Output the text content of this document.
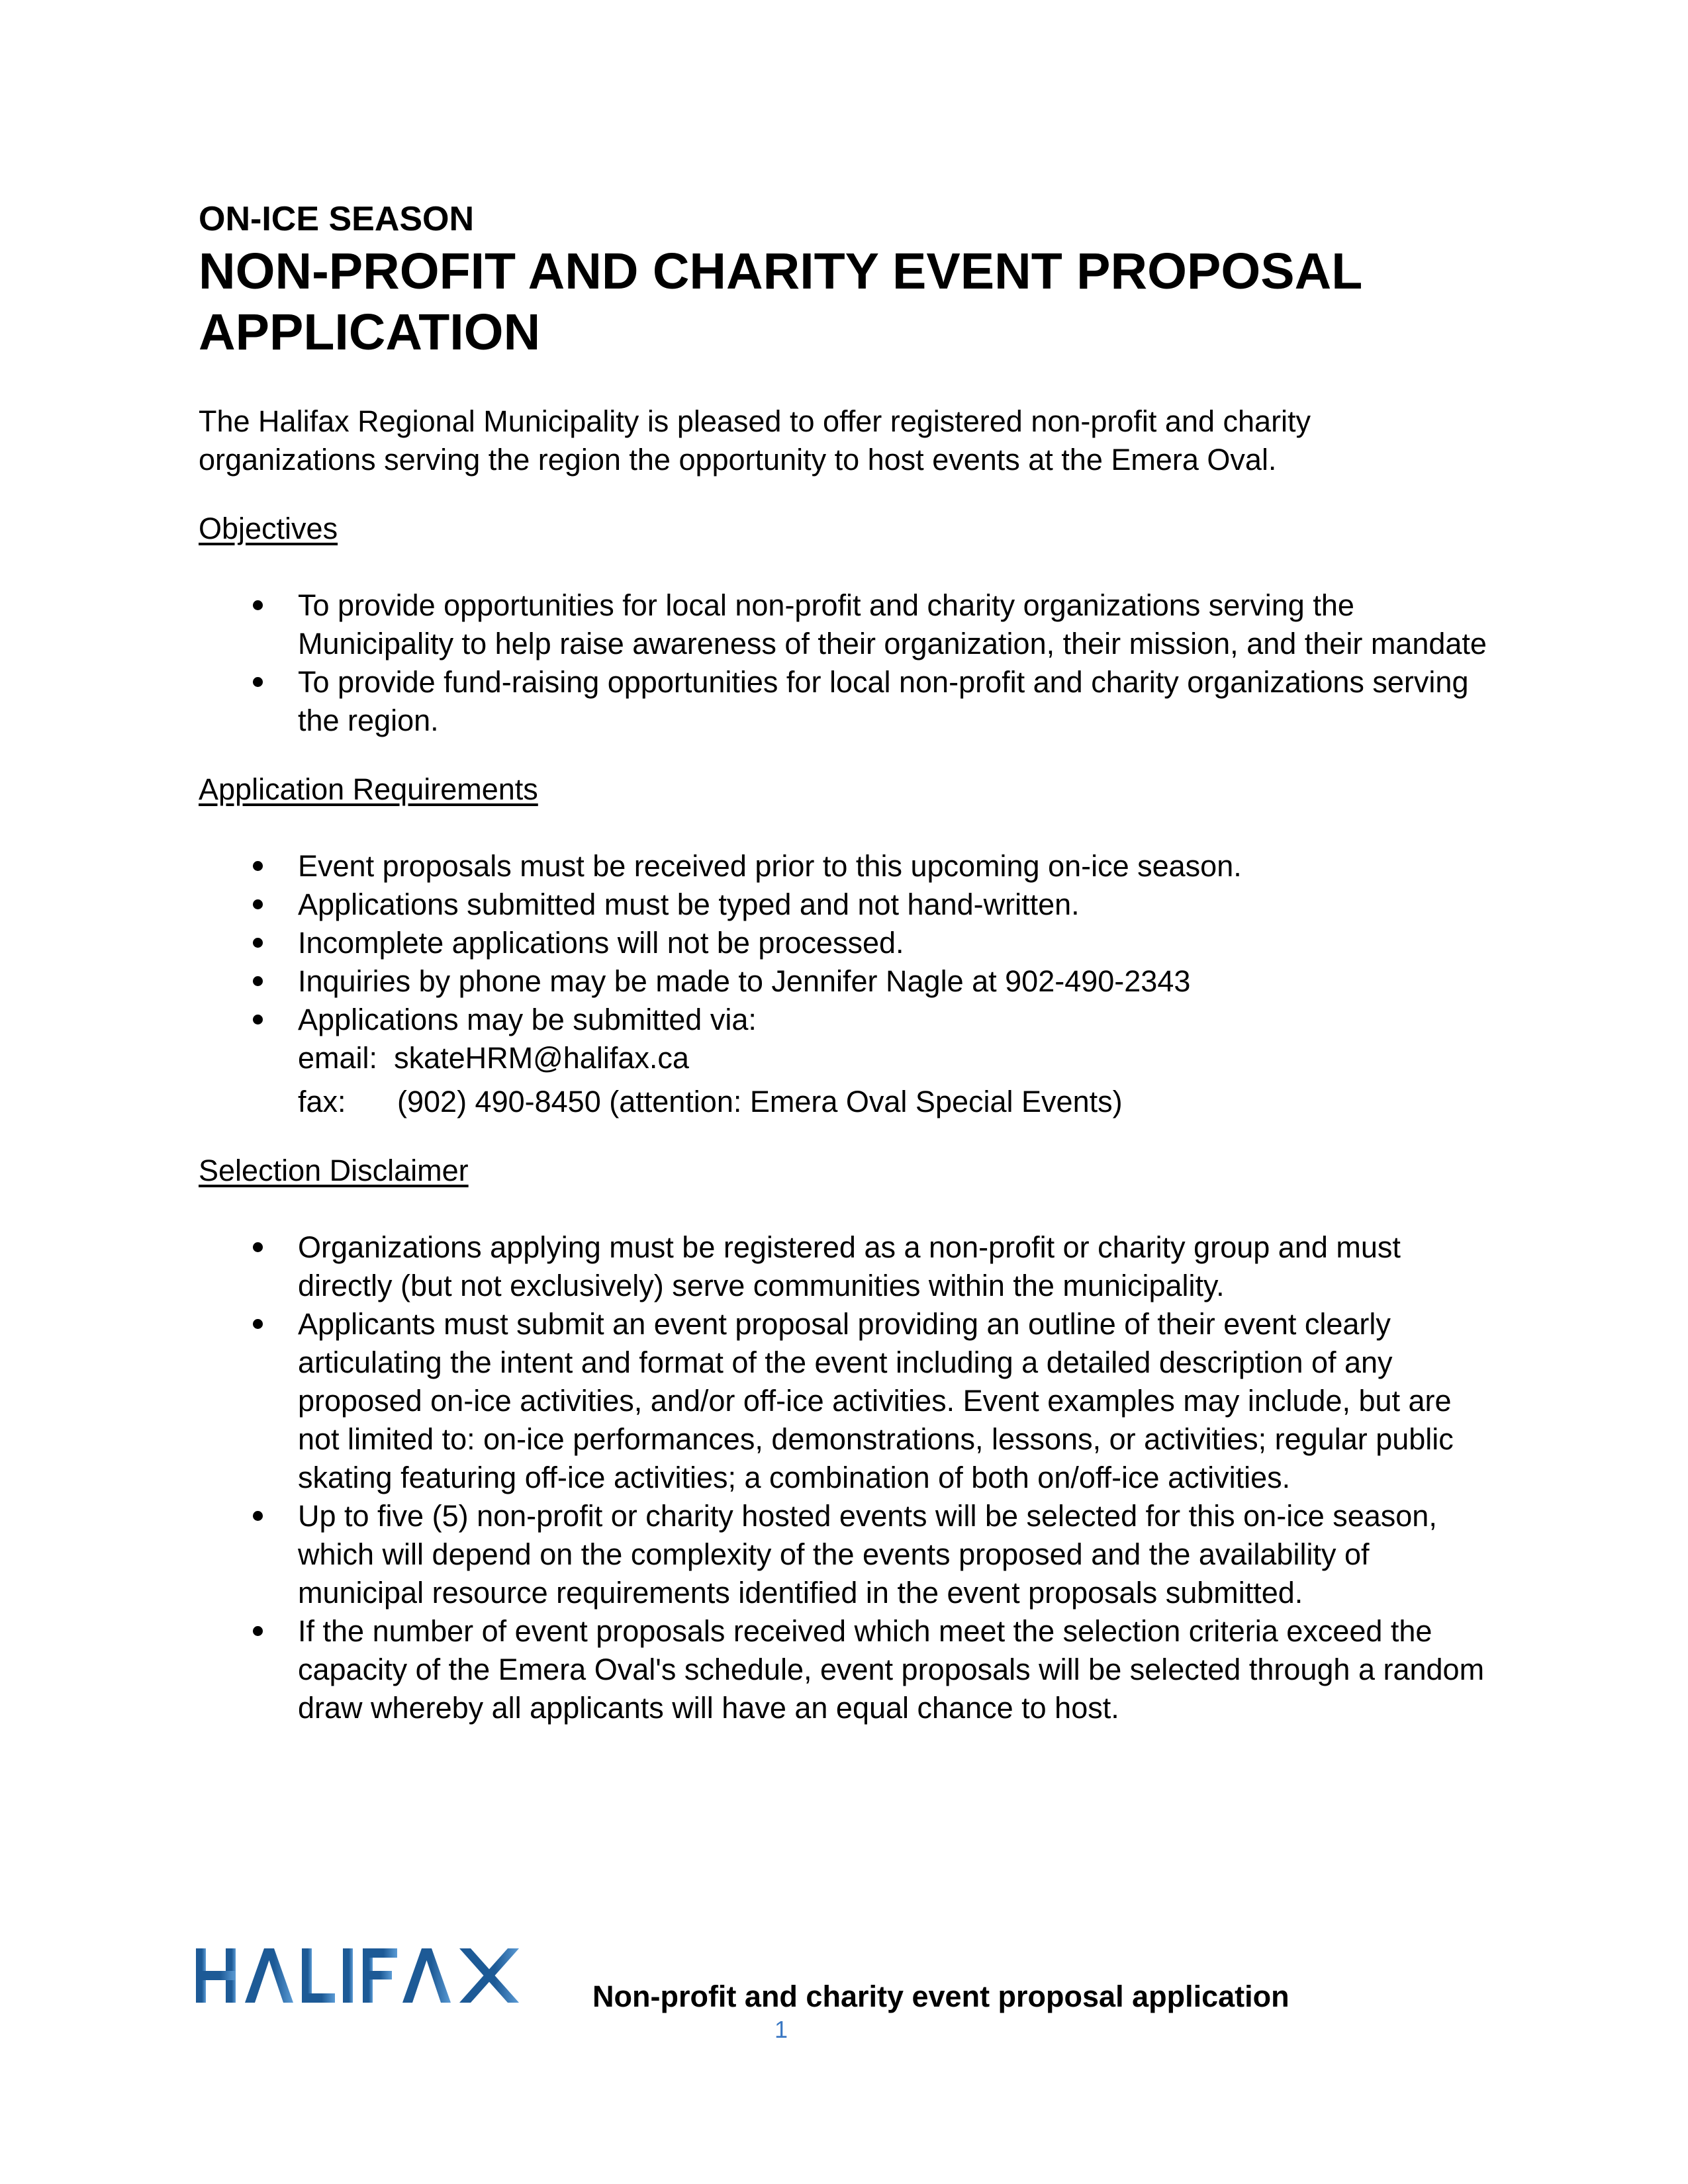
ON-ICE SEASON
NON-PROFIT AND CHARITY EVENT PROPOSAL APPLICATION

The Halifax Regional Municipality is pleased to offer registered non-profit and charity organizations serving the region the opportunity to host events at the Emera Oval.

Objectives
To provide opportunities for local non-profit and charity organizations serving the Municipality to help raise awareness of their organization, their mission, and their mandate
To provide fund-raising opportunities for local non-profit and charity organizations serving the region.
Application Requirements
Event proposals must be received prior to this upcoming on-ice season.
Applications submitted must be typed and not hand-written.
Incomplete applications will not be processed.
Inquiries by phone may be made to Jennifer Nagle at 902-490-2343
Applications may be submitted via:
email: skateHRM@halifax.ca
fax: (902) 490-8450 (attention: Emera Oval Special Events)
Selection Disclaimer
Organizations applying must be registered as a non-profit or charity group and must directly (but not exclusively) serve communities within the municipality.
Applicants must submit an event proposal providing an outline of their event clearly articulating the intent and format of the event including a detailed description of any proposed on-ice activities, and/or off-ice activities. Event examples may include, but are not limited to: on-ice performances, demonstrations, lessons, or activities; regular public skating featuring off-ice activities; a combination of both on/off-ice activities.
Up to five (5) non-profit or charity hosted events will be selected for this on-ice season, which will depend on the complexity of the events proposed and the availability of municipal resource requirements identified in the event proposals submitted.
If the number of event proposals received which meet the selection criteria exceed the capacity of the Emera Oval's schedule, event proposals will be selected through a random draw whereby all applicants will have an equal chance to host.
Non-profit and charity event proposal application
1
